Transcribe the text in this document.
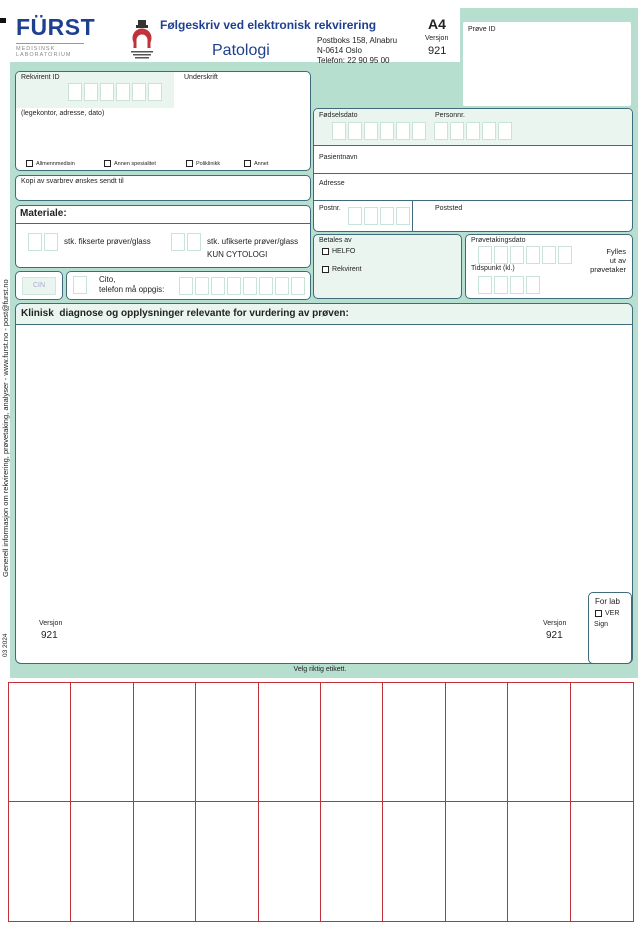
FÜRST
MEDISINSK
LABORATORIUM
Følgeskriv ved elektronisk rekvirering
Patologi
Postboks 158, Alnabru
N-0614 Oslo
Telefon: 22 90 95 00
A4
Versjon
921
Prøve ID
Generell informasjon om rekvirering, prøvetaking, analyser - www.furst.no - post@furst.no
03 2024
Rekvirent ID	Underskrift
(legekontor, adresse, dato)
Allmennmedisin	Annen spesialitet	Poliklinikk	Annet
Kopi av svarbrev ønskes sendt til
Fødselsdato	Personnr.
Pasientnavn
Adresse
Postnr.	Poststed
Materiale:
stk. fikserte prøver/glass	stk. ufikserte prøver/glass
KUN CYTOLOGI
Betales av
HELFO
Rekvirent
Prøvetakingsdato
Tidspunkt (kl.)
Fylles
ut av
prøvetaker
CIN
Cito,
telefon må oppgis:
Klinisk  diagnose og opplysninger relevante for vurdering av prøven:
Versjon
921
Versjon
921
For lab
VER
Sign
Velg riktig etikett.
